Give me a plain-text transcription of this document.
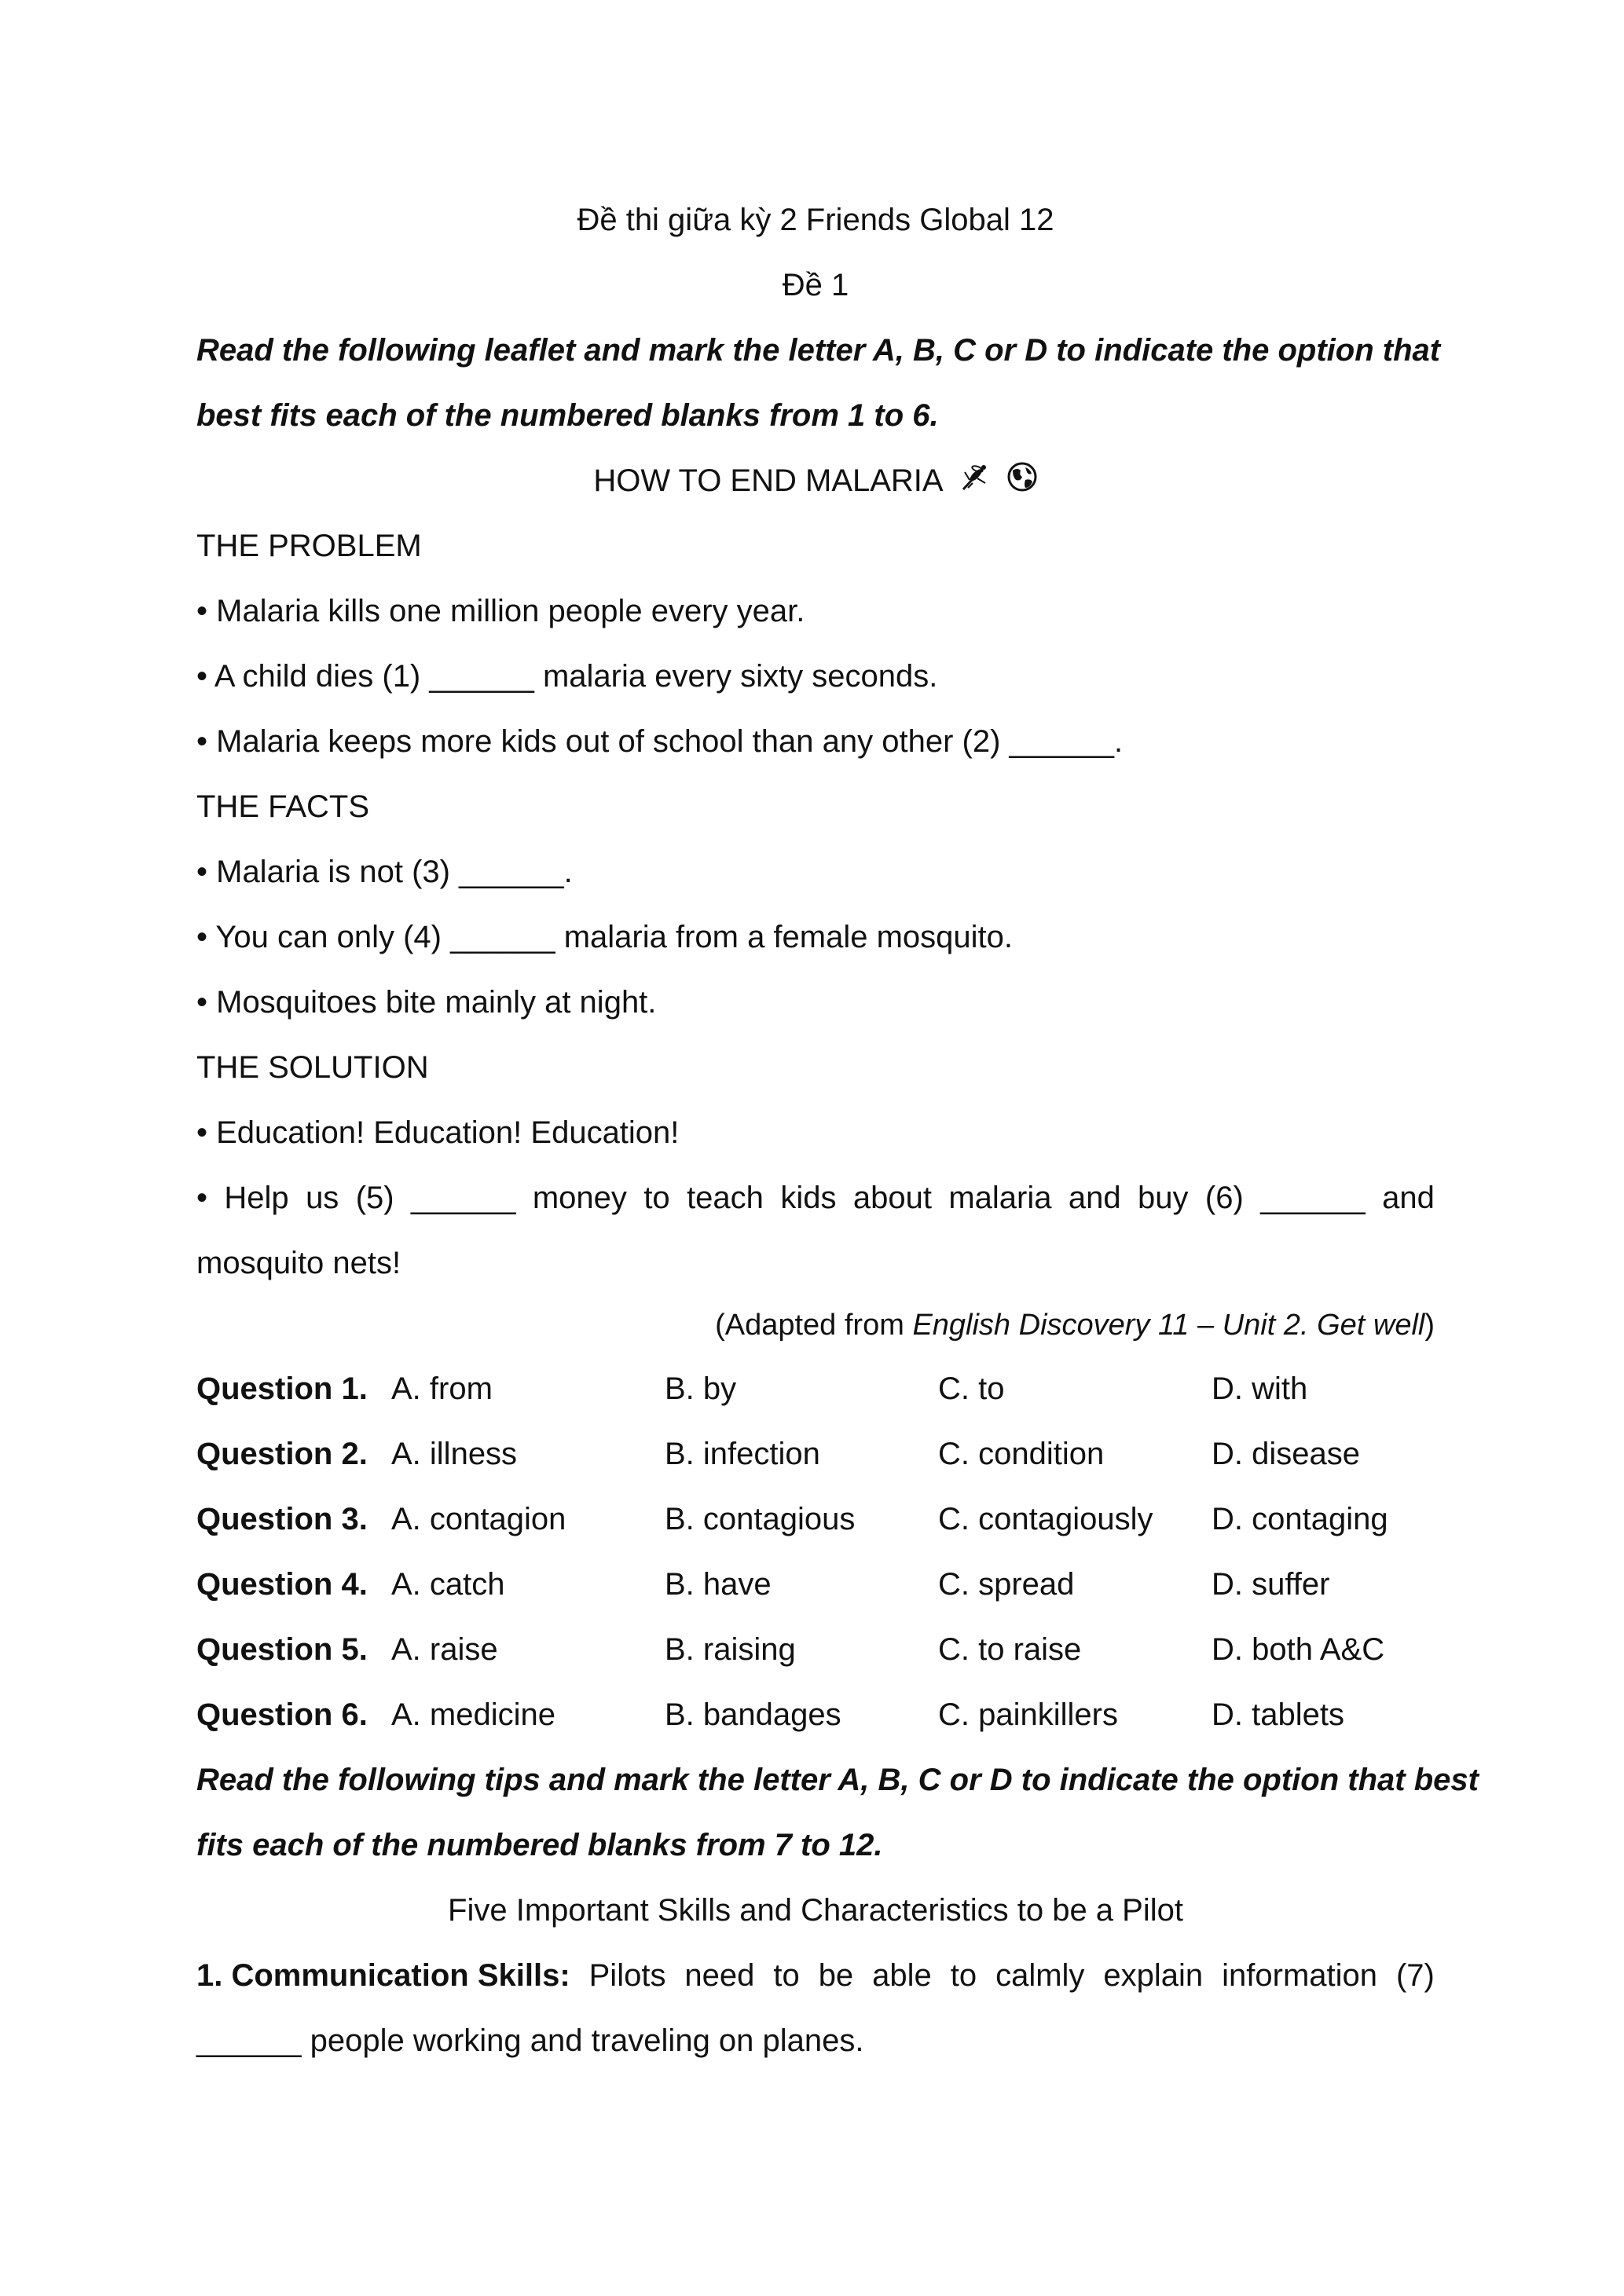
Đề thi giữa kỳ 2 Friends Global 12
Đề 1
Read the following leaflet and mark the letter A, B, C or D to indicate the option that
best fits each of the numbered blanks from 1 to 6.
HOW TO END MALARIA
THE PROBLEM
• Malaria kills one million people every year.
• A child dies (1) ______ malaria every sixty seconds.
• Malaria keeps more kids out of school than any other (2) ______.
THE FACTS
• Malaria is not (3) ______.
• You can only (4) ______ malaria from a female mosquito.
• Mosquitoes bite mainly at night.
THE SOLUTION
• Education! Education! Education!
• Help us (5) ______ money to teach kids about malaria and buy (6) ______ and
mosquito nets!
(Adapted from English Discovery 11 – Unit 2. Get well)
Question 1. A. from	B. by	C. to	D. with
Question 2. A. illness	B. infection	C. condition	D. disease
Question 3. A. contagion	B. contagious	C. contagiously D. contaging
Question 4. A. catch	B. have	C. spread	D. suffer
Question 5. A. raise	B. raising	C. to raise	D. both A&C
Question 6. A. medicine	B. bandages	C. painkillers	D. tablets
Read the following tips and mark the letter A, B, C or D to indicate the option that best
fits each of the numbered blanks from 7 to 12.
Five Important Skills and Characteristics to be a Pilot
1. Communication Skills: Pilots need to be able to calmly explain information (7)
______ people working and traveling on planes.
